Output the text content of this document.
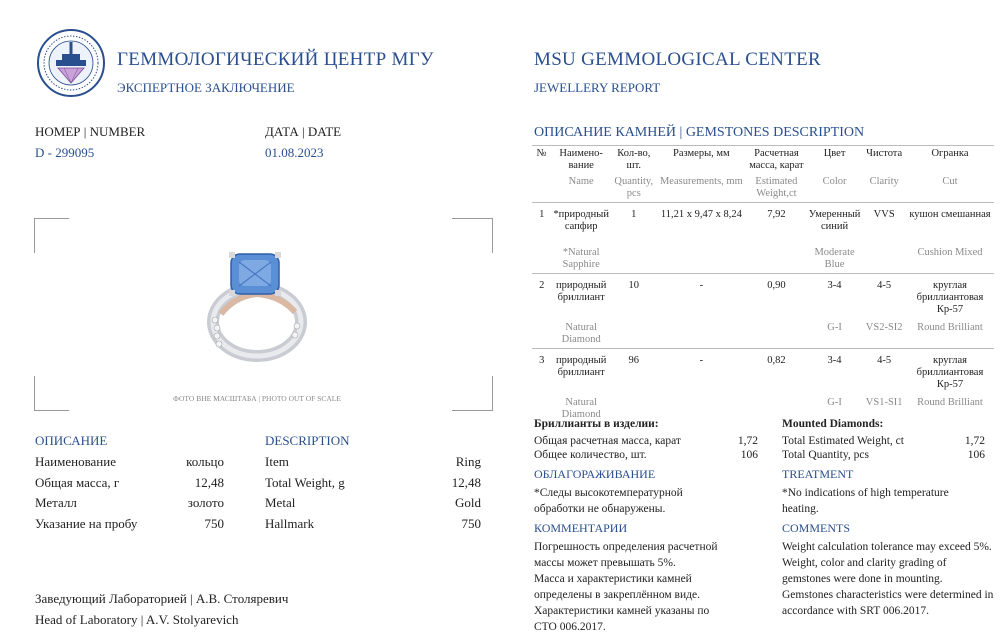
ГЕММОЛОГИЧЕСКИЙ ЦЕНТР МГУ
ЭКСПЕРТНОЕ ЗАКЛЮЧЕНИЕ
MSU GEMMOLOGICAL CENTER
JEWELLERY REPORT
НОМЕР | NUMBER
D - 299095
ДАТА | DATE
01.08.2023
ФОТО ВНЕ МАСШТАБА | PHOTO OUT OF SCALE
ОПИСАНИЕ	DESCRIPTION
Наименование	кольцо	Item	Ring
Общая масса, г	12,48	Total Weight, g	12,48
Металл	золото	Metal	Gold
Указание на пробу	750	Hallmark	750
Заведующий Лабораторией | А.В. Столяревич
Head of Laboratory | A.V. Stolyarevich
ОПИСАНИЕ КАМНЕЙ | GEMSTONES DESCRIPTION
№	Наимено-вание	Кол-во, шт.	Размеры, мм	Расчетная масса, карат	Цвет	Чистота	Огранка
	Name	Quantity, pcs	Measurements, mm	Estimated Weight,ct	Color	Clarity	Cut
1	*природный сапфир	1	11,21 x 9,47 x 8,24	7,92	Умеренный синий	VVS	кушон смешанная
	*Natural Sapphire				Moderate Blue		Cushion Mixed
2	природный бриллиант	10	-	0,90	3-4	4-5	круглая бриллиантовая Кр-57
	Natural Diamond				G-I	VS2-SI2	Round Brilliant
3	природный бриллиант	96	-	0,82	3-4	4-5	круглая бриллиантовая Кр-57
	Natural Diamond				G-I	VS1-SI1	Round Brilliant
Бриллианты в изделии:
Общая расчетная масса, карат	1,72
Общее количество, шт.	106
Mounted Diamonds:
Total Estimated Weight, ct	1,72
Total Quantity, pcs	106
ОБЛАГОРАЖИВАНИЕ
*Следы высокотемпературной обработки не обнаружены.
TREATMENT
*No indications of high temperature heating.
КОММЕНТАРИИ
Погрешность определения расчетной массы может превышать 5%.
Масса и характеристики камней определены в закреплённом виде.
Характеристики камней указаны по СТО 006.2017.
COMMENTS
Weight calculation tolerance may exceed 5%.
Weight, color and clarity grading of gemstones were done in mounting.
Gemstones characteristics were determined in accordance with SRT 006.2017.
